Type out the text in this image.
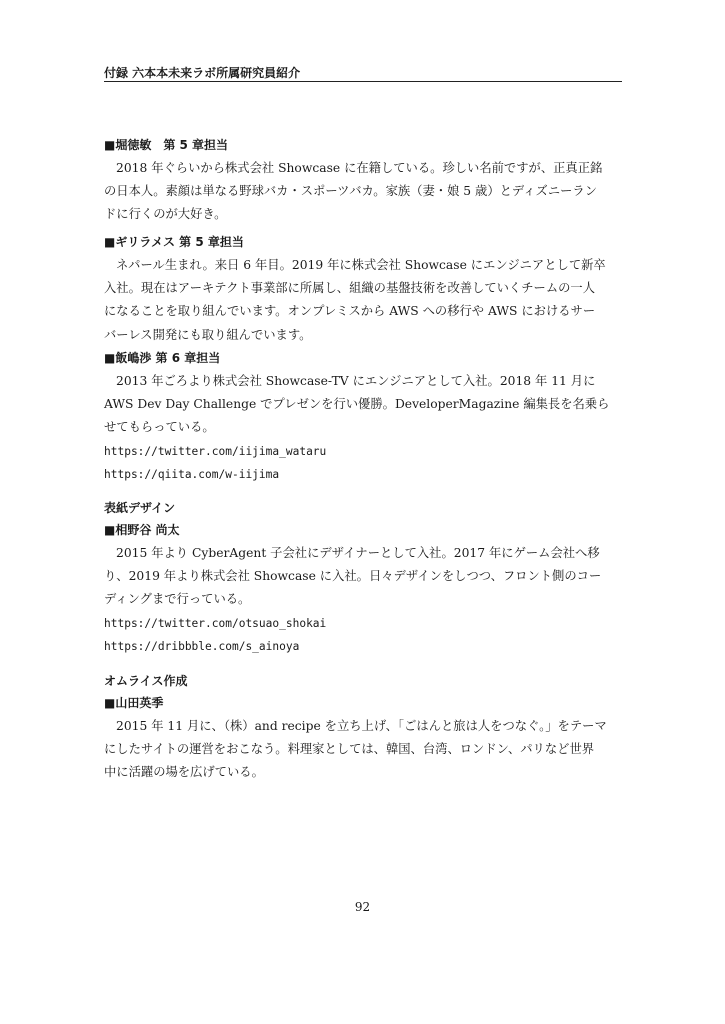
付録 六本本未来ラボ所属研究員紹介
■堀徳敏　第 5 章担当
2018 年ぐらいから株式会社 Showcase に在籍している。珍しい名前ですが、正真正銘
の日本人。素顔は単なる野球バカ・スポーツバカ。家族（妻・娘 5 歳）とディズニーラン
ドに行くのが大好き。
■ギリラメス 第 5 章担当
ネパール生まれ。来日 6 年目。2019 年に株式会社 Showcase にエンジニアとして新卒
入社。現在はアーキテクト事業部に所属し、組織の基盤技術を改善していくチームの一人
になることを取り組んでいます。オンプレミスから AWS への移行や AWS におけるサー
バーレス開発にも取り組んでいます。
■飯嶋渉 第 6 章担当
2013 年ごろより株式会社 Showcase-TV にエンジニアとして入社。2018 年 11 月に
AWS Dev Day Challenge でプレゼンを行い優勝。DeveloperMagazine 編集長を名乗ら
せてもらっている。
https://twitter.com/iijima_wataru
https://qiita.com/w-iijima
表紙デザイン
■相野谷 尚太
2015 年より CyberAgent 子会社にデザイナーとして入社。2017 年にゲーム会社へ移
り、2019 年より株式会社 Showcase に入社。日々デザインをしつつ、フロント側のコー
ディングまで行っている。
https://twitter.com/otsuao_shokai
https://dribbble.com/s_ainoya
オムライス作成
■山田英季
2015 年 11 月に、（株）and recipe を立ち上げ、「ごはんと旅は人をつなぐ。」をテーマ
にしたサイトの運営をおこなう。料理家としては、韓国、台湾、ロンドン、パリなど世界
中に活躍の場を広げている。
92
